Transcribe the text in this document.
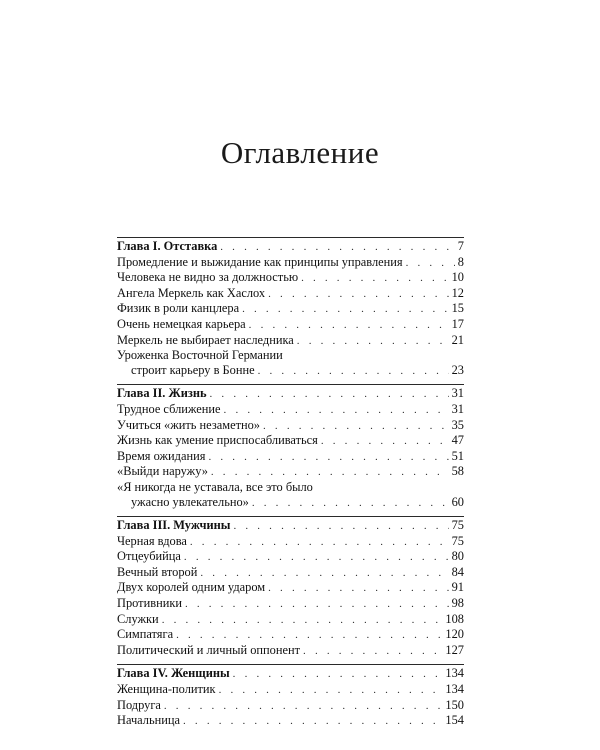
Оглавление
Глава I. Отставка . . .	7
Промедление и выжидание как принципы управления . . .	8
Человека не видно за должностью . . .	10
Ангела Меркель как Хаслох . . .	12
Физик в роли канцлера . . .	15
Очень немецкая карьера . . .	17
Меркель не выбирает наследника . . .	21
Уроженка Восточной Германии
строит карьеру в Бонне . . .	23
Глава II. Жизнь . . .	31
Трудное сближение . . .	31
Учиться «жить незаметно» . . .	35
Жизнь как умение приспосабливаться . . .	47
Время ожидания . . .	51
«Выйди наружу» . . .	58
«Я никогда не уставала, все это было
ужасно увлекательно» . . .	60
Глава III. Мужчины . . .	75
Черная вдова . . .	75
Отцеубийца . . .	80
Вечный второй . . .	84
Двух королей одним ударом . . .	91
Противники . . .	98
Служки . . .	108
Симпатяга . . .	120
Политический и личный оппонент . . .	127
Глава IV. Женщины . . .	134
Женщина-политик . . .	134
Подруга . . .	150
Начальница . . .	154
